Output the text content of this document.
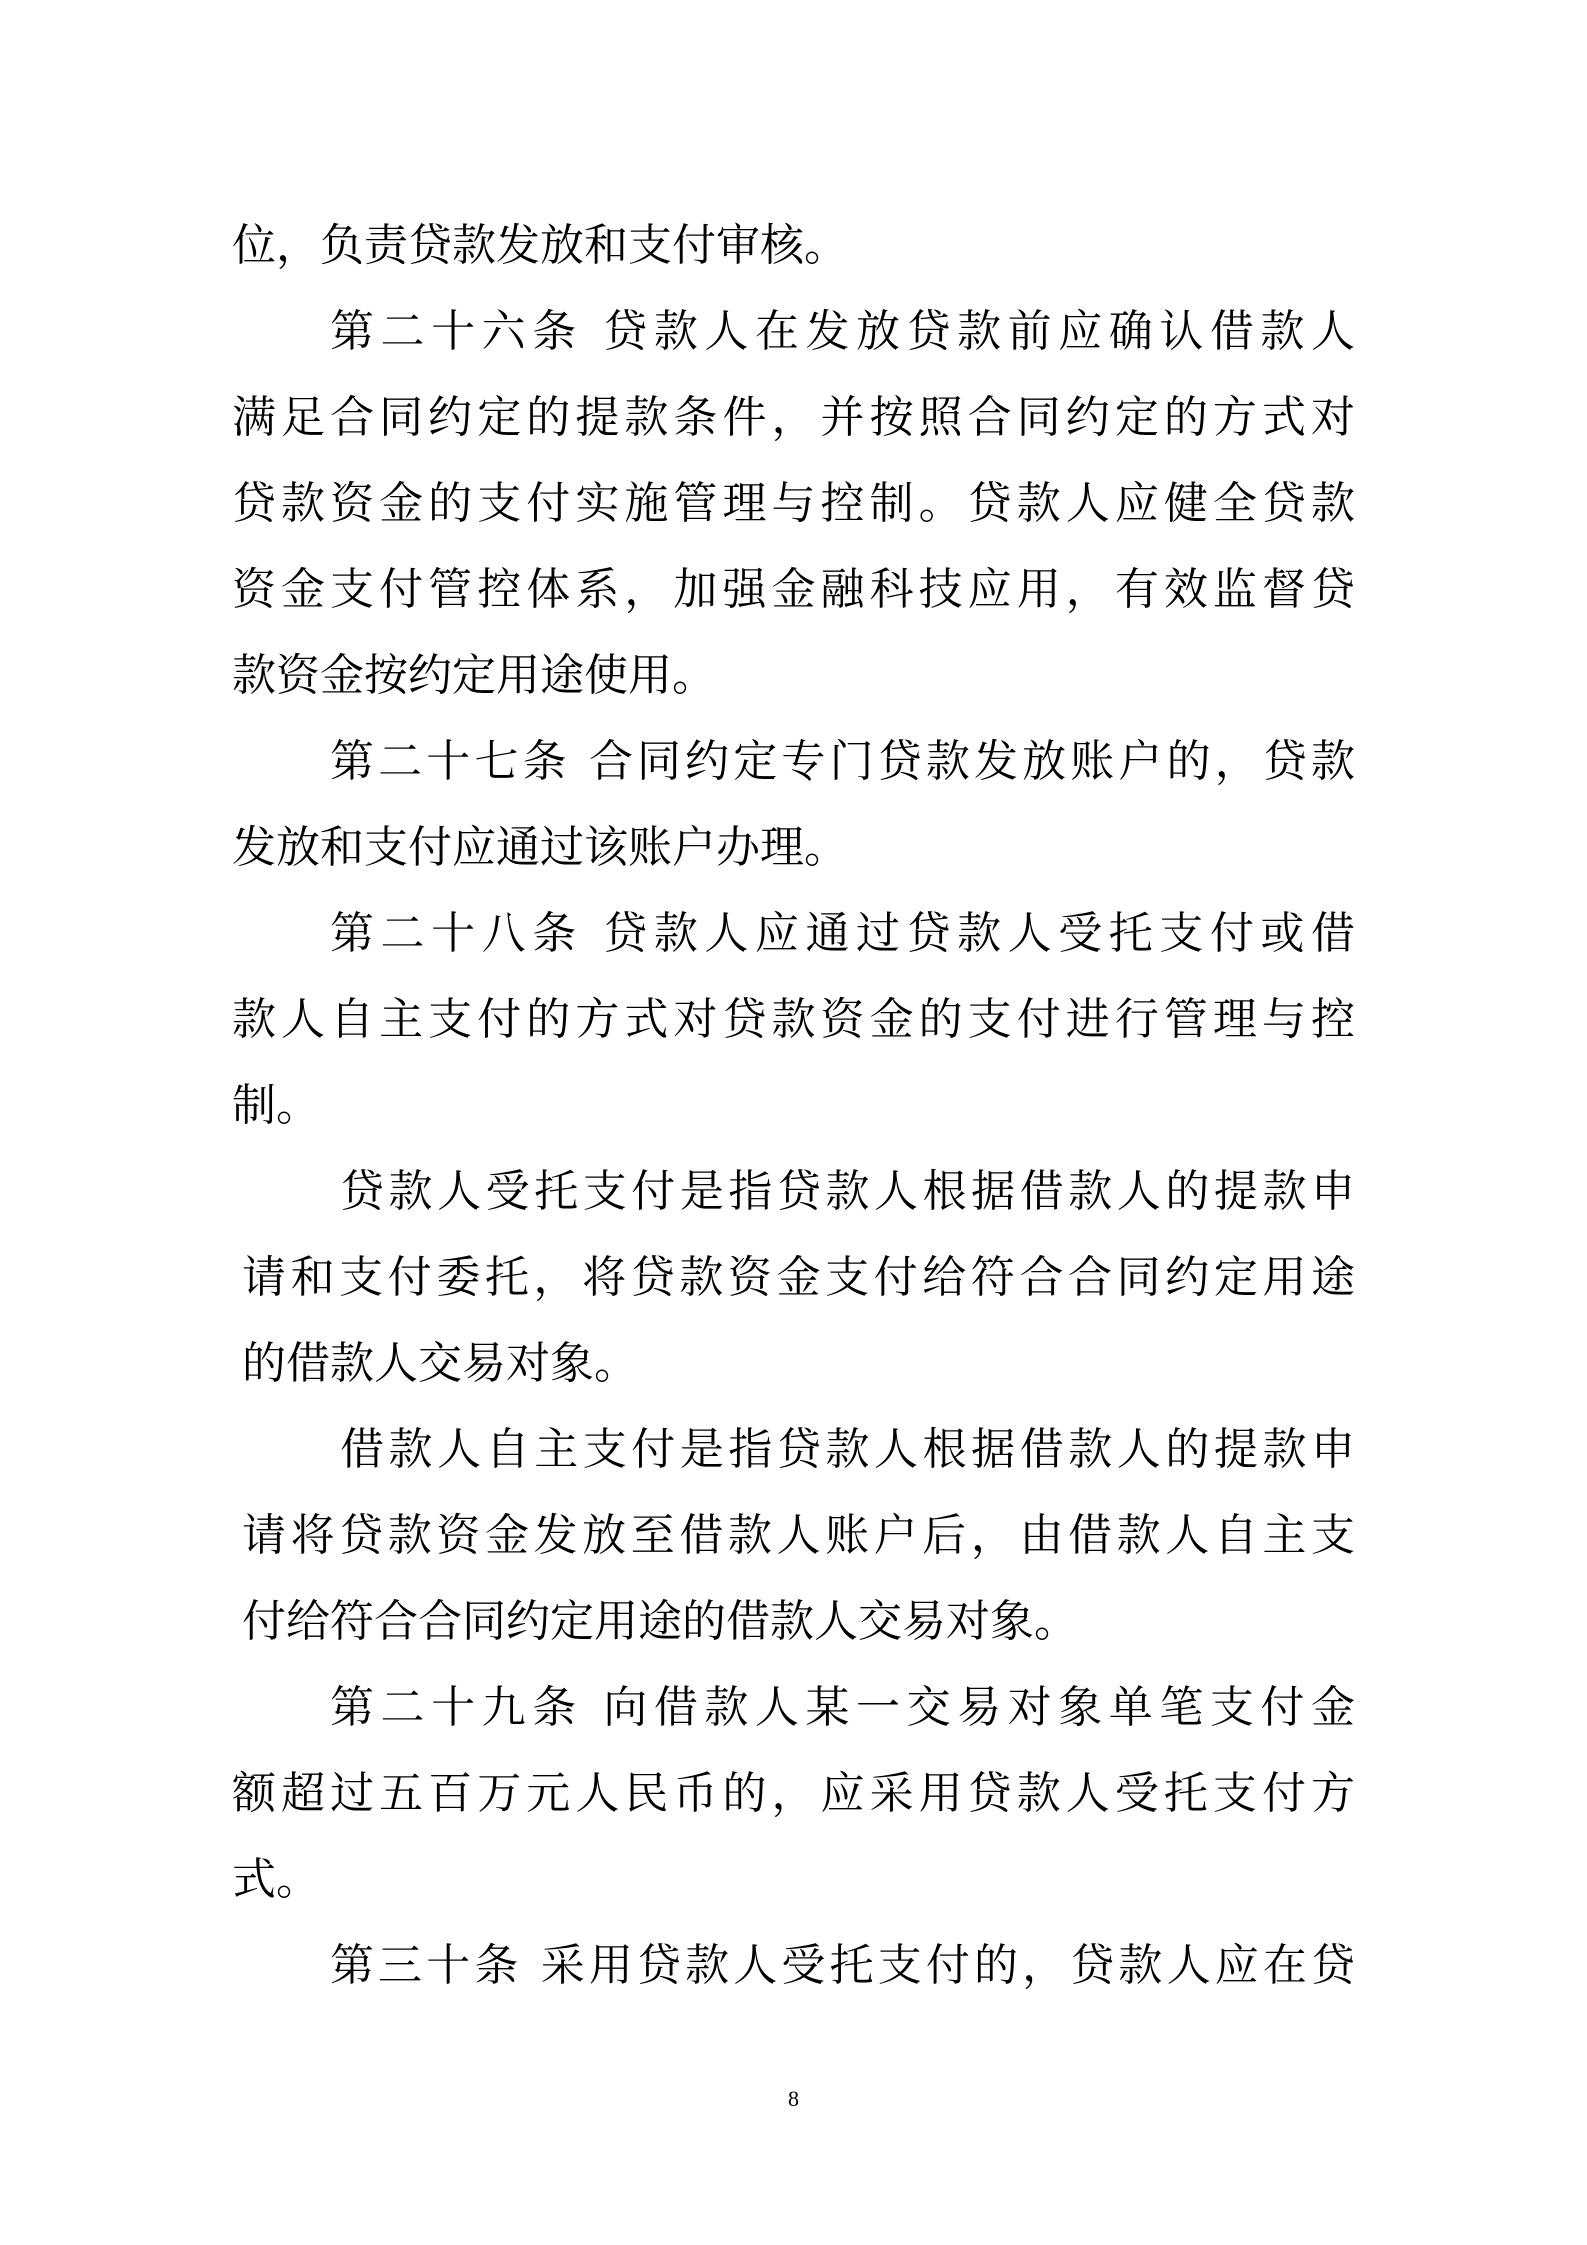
位，负责贷款发放和支付审核。
第二十六条 贷款人在发放贷款前应确认借款人
满足合同约定的提款条件，并按照合同约定的方式对
贷款资金的支付实施管理与控制。贷款人应健全贷款
资金支付管控体系，加强金融科技应用，有效监督贷
款资金按约定用途使用。
第二十七条 合同约定专门贷款发放账户的，贷款
发放和支付应通过该账户办理。
第二十八条 贷款人应通过贷款人受托支付或借
款人自主支付的方式对贷款资金的支付进行管理与控
制。
贷款人受托支付是指贷款人根据借款人的提款申
请和支付委托，将贷款资金支付给符合合同约定用途
的借款人交易对象。
借款人自主支付是指贷款人根据借款人的提款申
请将贷款资金发放至借款人账户后，由借款人自主支
付给符合合同约定用途的借款人交易对象。
第二十九条 向借款人某一交易对象单笔支付金
额超过五百万元人民币的，应采用贷款人受托支付方
式。
第三十条 采用贷款人受托支付的，贷款人应在贷
8
